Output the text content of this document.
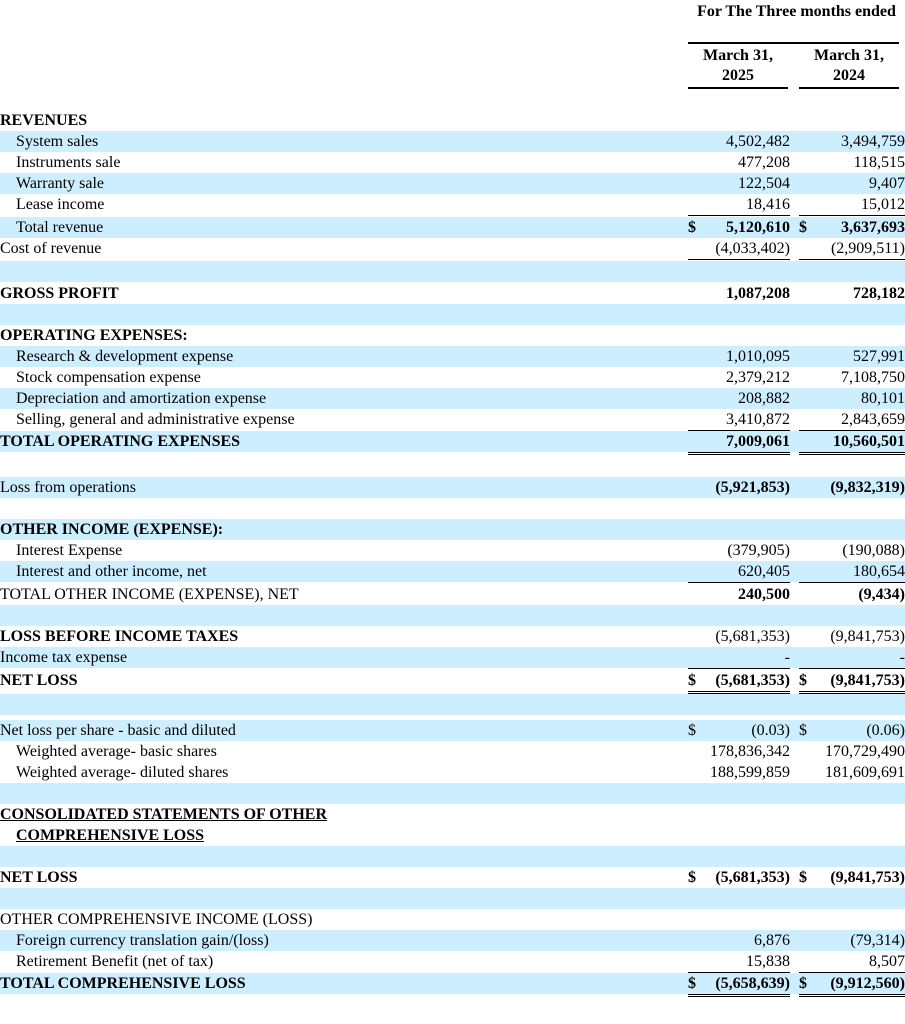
For The Three months ended
March 31, 2025
March 31, 2024
REVENUES
System sales	4,502,482	3,494,759
Instruments sale	477,208	118,515
Warranty sale	122,504	9,407
Lease income	18,416	15,012
Total revenue	$ 5,120,610 $ 3,637,693
Cost of revenue	(4,033,402)	(2,909,511)
GROSS PROFIT	1,087,208	728,182
OPERATING EXPENSES:
Research & development expense	1,010,095	527,991
Stock compensation expense	2,379,212	7,108,750
Depreciation and amortization expense	208,882	80,101
Selling, general and administrative expense	3,410,872	2,843,659
TOTAL OPERATING EXPENSES	7,009,061	10,560,501
Loss from operations	(5,921,853)	(9,832,319)
OTHER INCOME (EXPENSE):
Interest Expense	(379,905)	(190,088)
Interest and other income, net	620,405	180,654
TOTAL OTHER INCOME (EXPENSE), NET	240,500	(9,434)
LOSS BEFORE INCOME TAXES	(5,681,353)	(9,841,753)
Income tax expense	-	-
NET LOSS	$ (5,681,353) $ (9,841,753)
Net loss per share - basic and diluted	$	(0.03) $	(0.06)
Weighted average- basic shares	178,836,342	170,729,490
Weighted average- diluted shares	188,599,859	181,609,691
CONSOLIDATED STATEMENTS OF OTHER
COMPREHENSIVE LOSS
NET LOSS	$ (5,681,353) $ (9,841,753)
OTHER COMPREHENSIVE INCOME (LOSS)
Foreign currency translation gain/(loss)	6,876	(79,314)
Retirement Benefit (net of tax)	15,838	8,507
TOTAL COMPREHENSIVE LOSS	$ (5,658,639) $ (9,912,560)
